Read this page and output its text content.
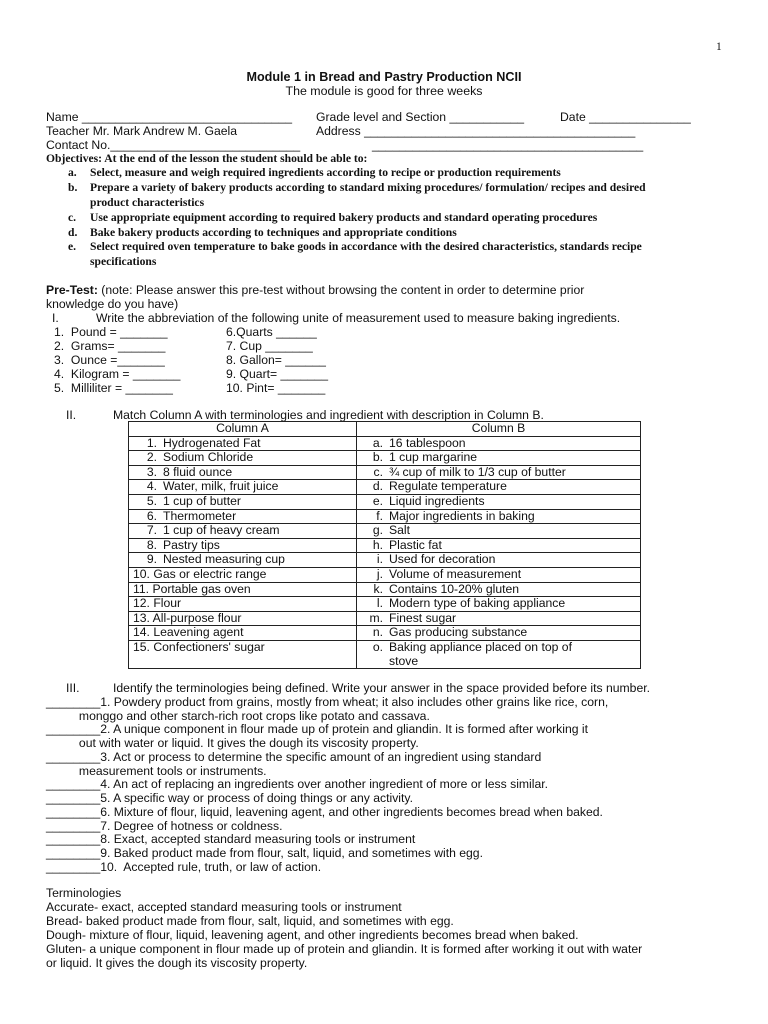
1
Module 1 in Bread and Pastry Production NCII
The module is good for three weeks
Name _______________________________ Grade level and Section ___________	Date _______________
Teacher Mr. Mark Andrew M. Gaela	Address ________________________________________
Contact No.____________________________	________________________________________
Objectives: At the end of the lesson the student should be able to:
a. Select, measure and weigh required ingredients according to recipe or production requirements
b. Prepare a variety of bakery products according to standard mixing procedures/ formulation/ recipes and desired
product characteristics
c. Use appropriate equipment according to required bakery products and standard operating procedures
d. Bake bakery products according to techniques and appropriate conditions
e. Select required oven temperature to bake goods in accordance with the desired characteristics, standards recipe
specifications
Pre-Test: (note: Please answer this pre-test without browsing the content in order to determine prior
knowledge do you have)
I.	Write the abbreviation of the following unite of measurement used to measure baking ingredients.
1.  Pound = _______
2.  Grams= _______
3.  Ounce =_______
4.  Kilogram = _______
5.  Milliliter = _______
6.Quarts ______
7. Cup _______
8. Gallon= ______
9. Quart= _______
10. Pint= _______
II.	Match Column A with terminologies and ingredient with description in Column B.
Column A	Column B
1. Hydrogenated Fat	a. 16 tablespoon
2. Sodium Chloride	b. 1 cup margarine
3. 8 fluid ounce	c. ¾ cup of milk to 1/3 cup of butter
4. Water, milk, fruit juice	d. Regulate temperature
5. 1 cup of butter	e. Liquid ingredients
6. Thermometer	f. Major ingredients in baking
7. 1 cup of heavy cream	g. Salt
8. Pastry tips	h. Plastic fat
9. Nested measuring cup	i. Used for decoration
10. Gas or electric range	j. Volume of measurement
11. Portable gas oven	k. Contains 10-20% gluten
12. Flour	l. Modern type of baking appliance
13. All-purpose flour	m. Finest sugar
14. Leavening agent	n. Gas producing substance
15. Confectioners' sugar	o. Baking appliance placed on top of
stove
III.	Identify the terminologies being defined. Write your answer in the space provided before its number.
________1. Powdery product from grains, mostly from wheat; it also includes other grains like rice, corn,
monggo and other starch-rich root crops like potato and cassava.
________2. A unique component in flour made up of protein and gliandin. It is formed after working it
out with water or liquid. It gives the dough its viscosity property.
________3. Act or process to determine the specific amount of an ingredient using standard
measurement tools or instruments.
________4. An act of replacing an ingredients over another ingredient of more or less similar.
________5. A specific way or process of doing things or any activity.
________6. Mixture of flour, liquid, leavening agent, and other ingredients becomes bread when baked.
________7. Degree of hotness or coldness.
________8. Exact, accepted standard measuring tools or instrument
________9. Baked product made from flour, salt, liquid, and sometimes with egg.
________10.  Accepted rule, truth, or law of action.
Terminologies
Accurate- exact, accepted standard measuring tools or instrument
Bread- baked product made from flour, salt, liquid, and sometimes with egg.
Dough- mixture of flour, liquid, leavening agent, and other ingredients becomes bread when baked.
Gluten- a unique component in flour made up of protein and gliandin. It is formed after working it out with water
or liquid. It gives the dough its viscosity property.
